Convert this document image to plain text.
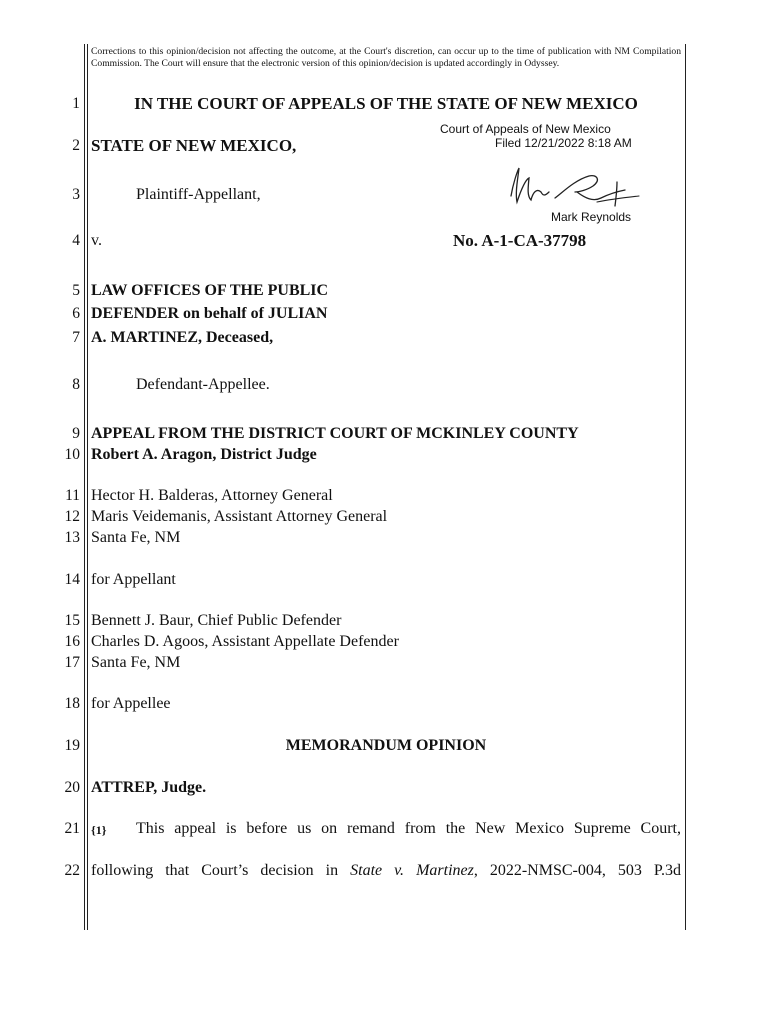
Corrections to this opinion/decision not affecting the outcome, at the Court's discretion, can occur up to the time of publication with NM Compilation Commission. The Court will ensure that the electronic version of this opinion/decision is updated accordingly in Odyssey.
1
2
3
4
5
6
7
8
9
10
11
12
13
14
15
16
17
18
19
20
21
22
IN THE COURT OF APPEALS OF THE STATE OF NEW MEXICO
Court of Appeals of New Mexico
Filed 12/21/2022 8:18 AM
Mark Reynolds
STATE OF NEW MEXICO,
Plaintiff-Appellant,
v.	No. A-1-CA-37798
LAW OFFICES OF THE PUBLIC
DEFENDER on behalf of JULIAN
A. MARTINEZ, Deceased,
Defendant-Appellee.
APPEAL FROM THE DISTRICT COURT OF MCKINLEY COUNTY
Robert A. Aragon, District Judge
Hector H. Balderas, Attorney General
Maris Veidemanis, Assistant Attorney General
Santa Fe, NM
for Appellant
Bennett J. Baur, Chief Public Defender
Charles D. Agoos, Assistant Appellate Defender
Santa Fe, NM
for Appellee
MEMORANDUM OPINION
ATTREP, Judge.
{1} This appeal is before us on remand from the New Mexico Supreme Court,
following that Court’s decision in State v. Martinez, 2022-NMSC-004, 503 P.3d
